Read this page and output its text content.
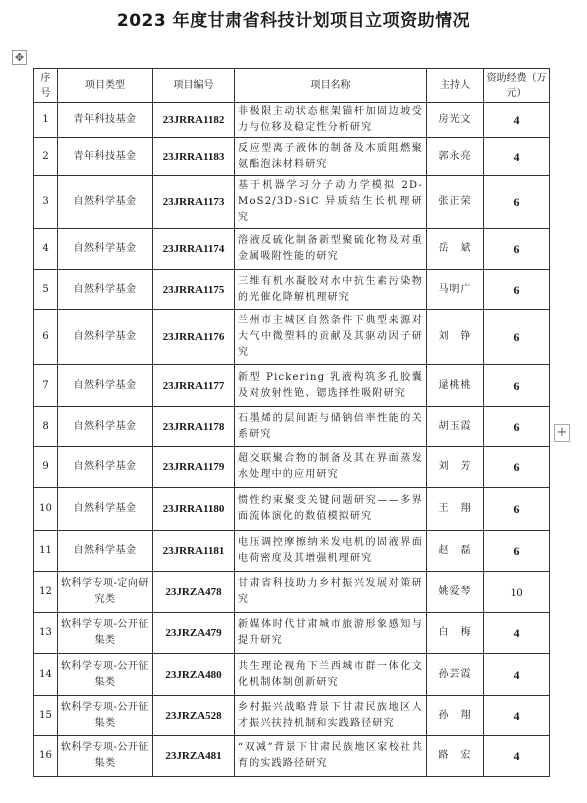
2023 年度甘肃省科技计划项目立项资助情况
✥
+
序号	项目类型	项目编号	项目名称	主持人	资助经费（万元）
1	青年科技基金	23JRRA1182	非极限主动状态框架锚杆加固边坡受力与位移及稳定性分析研究	房光文	4
2	青年科技基金	23JRRA1183	反应型离子液体的制备及木质阻燃聚氨酯泡沫材料研究	郭永亮	4
3	自然科学基金	23JRRA1173	基于机器学习分子动力学模拟 2D-MoS2/3D-SiC 异质结生长机理研究	张正荣	6
4	自然科学基金	23JRRA1174	溶液反硫化制备新型聚硫化物及对重金属吸附性能的研究	岳　斌	6
5	自然科学基金	23JRRA1175	三维有机水凝胶对水中抗生素污染物的光催化降解机理研究	马明广	6
6	自然科学基金	23JRRA1176	兰州市主城区自然条件下典型来源对大气中微塑料的贡献及其驱动因子研究	刘　铮	6
7	自然科学基金	23JRRA1177	新型 Pickering 乳液构筑多孔胶囊及对放射性铯、锶选择性吸附研究	逯桃桃	6
8	自然科学基金	23JRRA1178	石墨烯的层间距与储钠倍率性能的关系研究	胡玉霞	6
9	自然科学基金	23JRRA1179	超交联聚合物的制备及其在界面蒸发水处理中的应用研究	刘　芳	6
10	自然科学基金	23JRRA1180	惯性约束聚变关键问题研究——多界面流体演化的数值模拟研究	王　翔	6
11	自然科学基金	23JRRA1181	电压调控摩擦纳米发电机的固液界面电荷密度及其增强机理研究	赵　磊	6
12	软科学专项-定向研究类	23JRZA478	甘肃省科技助力乡村振兴发展对策研究	姚爱琴	10
13	软科学专项-公开征集类	23JRZA479	新媒体时代甘肃城市旅游形象感知与提升研究	白　梅	4
14	软科学专项-公开征集类	23JRZA480	共生理论视角下兰西城市群一体化文化机制体制创新研究	孙芸霞	4
15	软科学专项-公开征集类	23JRZA528	乡村振兴战略背景下甘肃民族地区人才振兴扶持机制和实践路径研究	孙　翔	4
16	软科学专项-公开征集类	23JRZA481	“双减”背景下甘肃民族地区家校社共育的实践路径研究	路　宏	4
